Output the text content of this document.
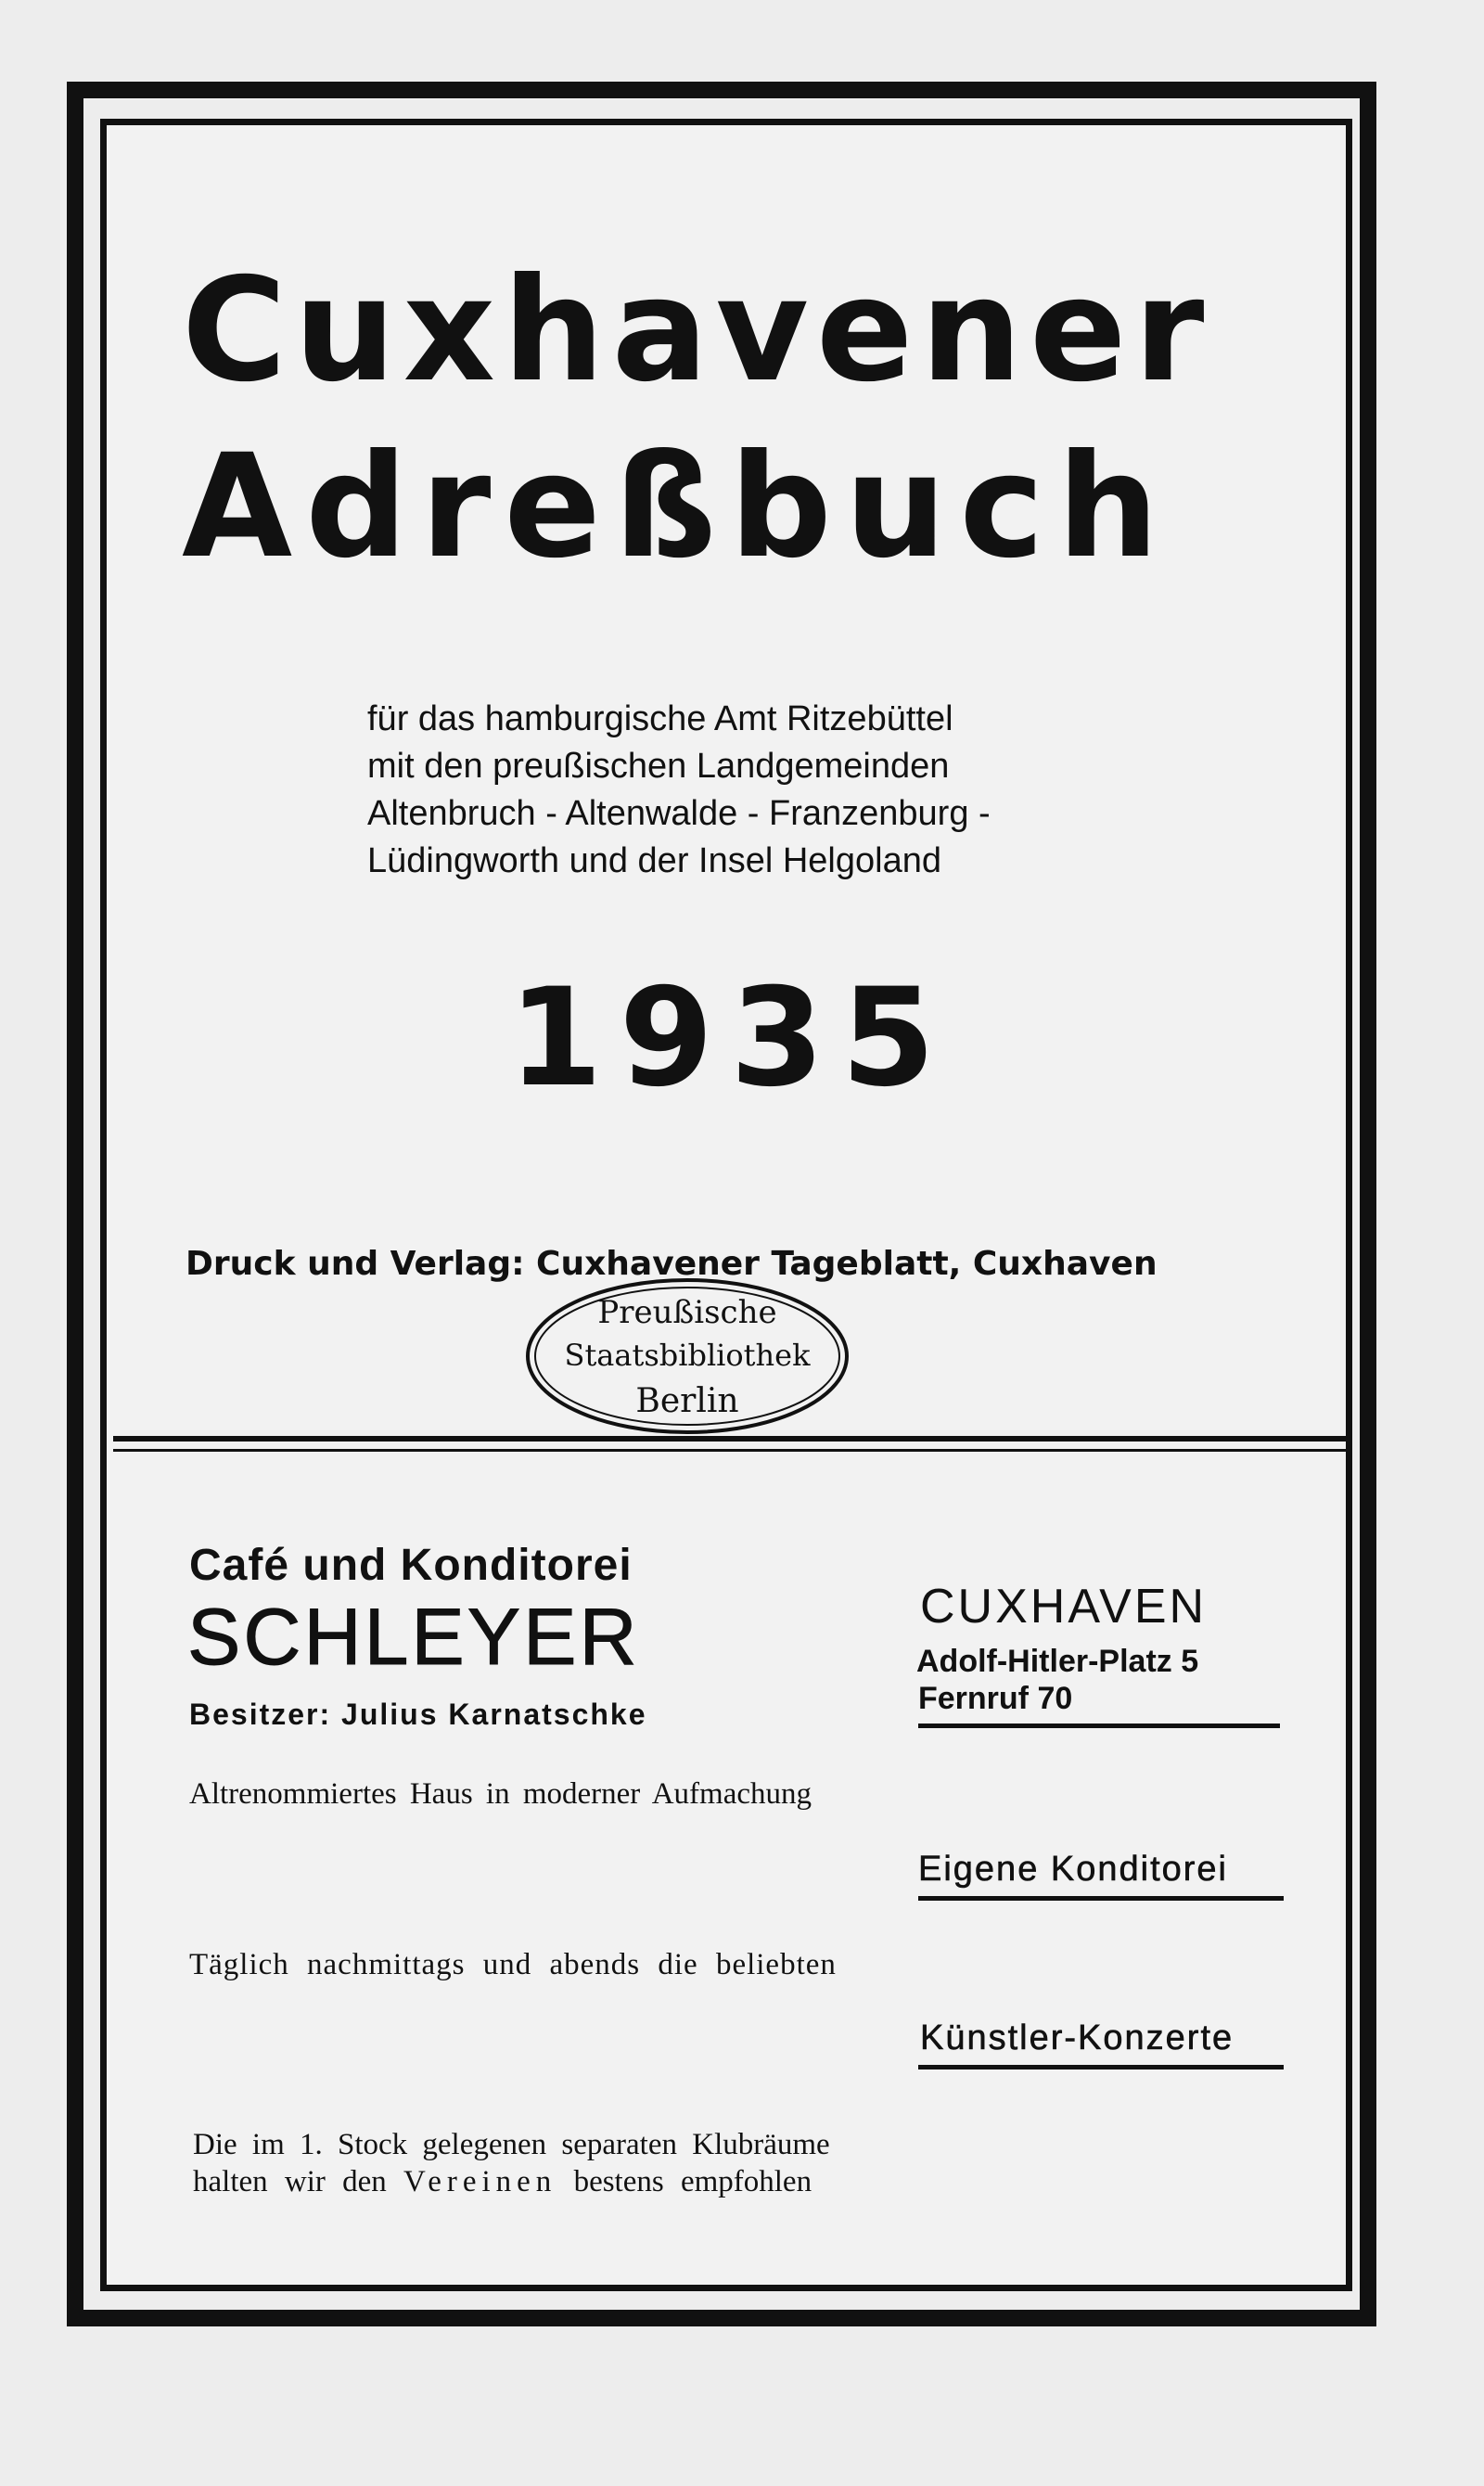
Cuxhavener
Adreßbuch
für das hamburgische Amt Ritzebüttel
mit den preußischen Landgemeinden
Altenbruch - Altenwalde - Franzenburg -
Lüdingworth und der Insel Helgoland
1935
Druck und Verlag: Cuxhavener Tageblatt, Cuxhaven
Preußische
Staatsbibliothek
Berlin
Café und Konditorei
SCHLEYER
Besitzer: Julius Karnatschke
CUXHAVEN
Adolf-Hitler-Platz 5
Fernruf 70
Altrenommiertes Haus in moderner Aufmachung
Eigene Konditorei
Täglich nachmittags und abends die beliebten
Künstler-Konzerte
Die im 1. Stock gelegenen separaten Klubräume
halten wir den Vereinen bestens empfohlen
